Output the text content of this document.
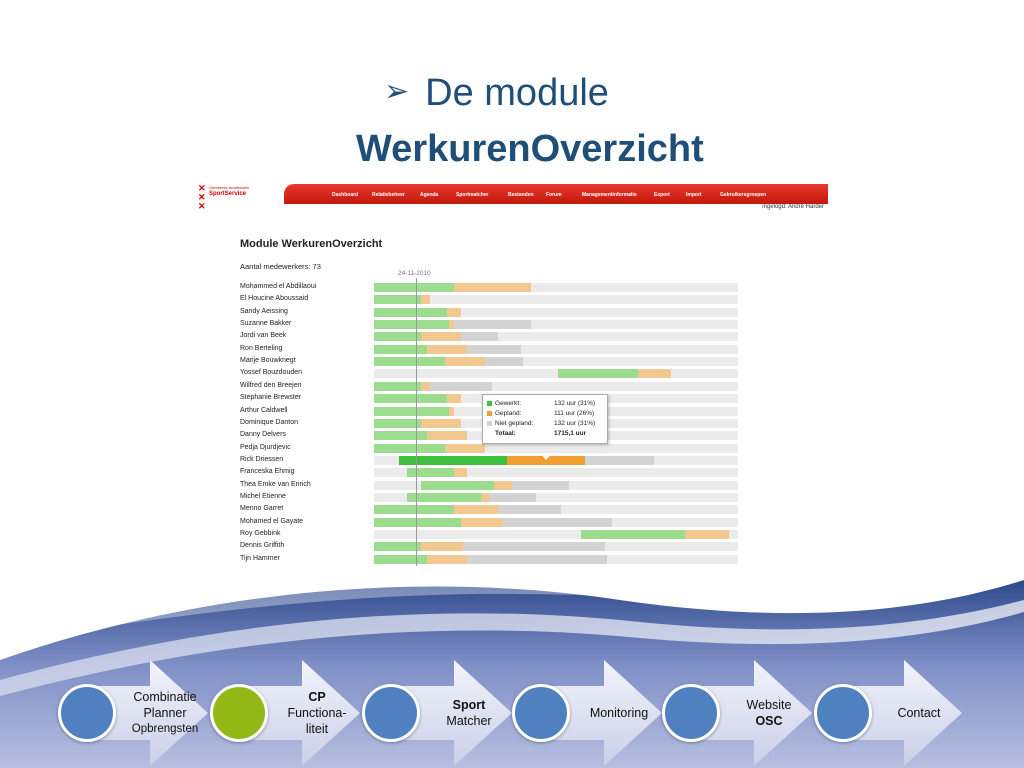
➢ De module
WerkurenOverzicht
✕
✕
✕
Gemeente Amsterdam
SportService	Dashboard	Relatiebeheer	Agenda	Sportmatcher	Bestanden Forum	Managementinformatie	Export	Import	Gebruikersgroepen
ingelogd: André Harder
Module WerkurenOverzicht
Aantal medewerkers: 73
24-11-2010
Mohammed el Abdillaoui
El Houcine Aboussaid
Sandy Aeissing
Suzanne Bakker
Jordi van Beek
Ron Berteling
Marije Bouwknegt
Yossef Bouzdouden
Wilfred den Breejen
Stephanie Brewster
Arthur Caldwell
Dominique Danton
Danny Delvers
Pedja Djurdjevic
Rick Driessen
Franceska Ehmig
Thea Emke van Enrich
Michel Etienne
Menno Garret
Mohamed el Gayate
Roy Gebbink
Dennis Griffith
Tijn Hammer
Gewerkt:	132 uur (31%)
Gepland:	111 uur (26%)
Niet gepland:	132 uur (31%)
Totaal:	1715,1 uur
Combinatie
Planner
Opbrengsten
CP
Functiona-
liteit
Sport
Matcher
Monitoring
Website
OSC
Contact
